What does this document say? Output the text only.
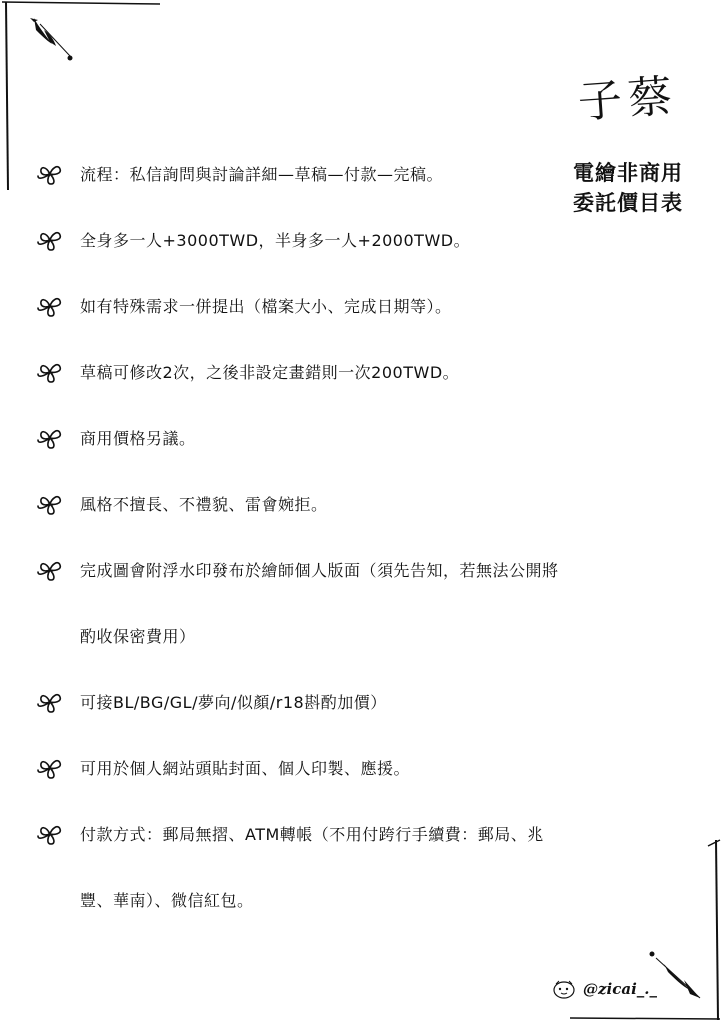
子蔡
電繪非商用
委託價目表
流程：私信詢問與討論詳細—草稿—付款—完稿。
全身多一人+3000TWD，半身多一人+2000TWD。
如有特殊需求一併提出（檔案大小、完成日期等）。
草稿可修改2次，之後非設定畫錯則一次200TWD。
商用價格另議。
風格不擅長、不禮貌、雷會婉拒。
完成圖會附浮水印發布於繪師個人版面（須先告知，若無法公開將
酌收保密費用）
可接BL/BG/GL/夢向/似顏/r18斟酌加價）
可用於個人網站頭貼封面、個人印製、應援。
付款方式：郵局無摺、ATM轉帳（不用付跨行手續費：郵局、兆
豐、華南）、微信紅包。
@zicai_._
